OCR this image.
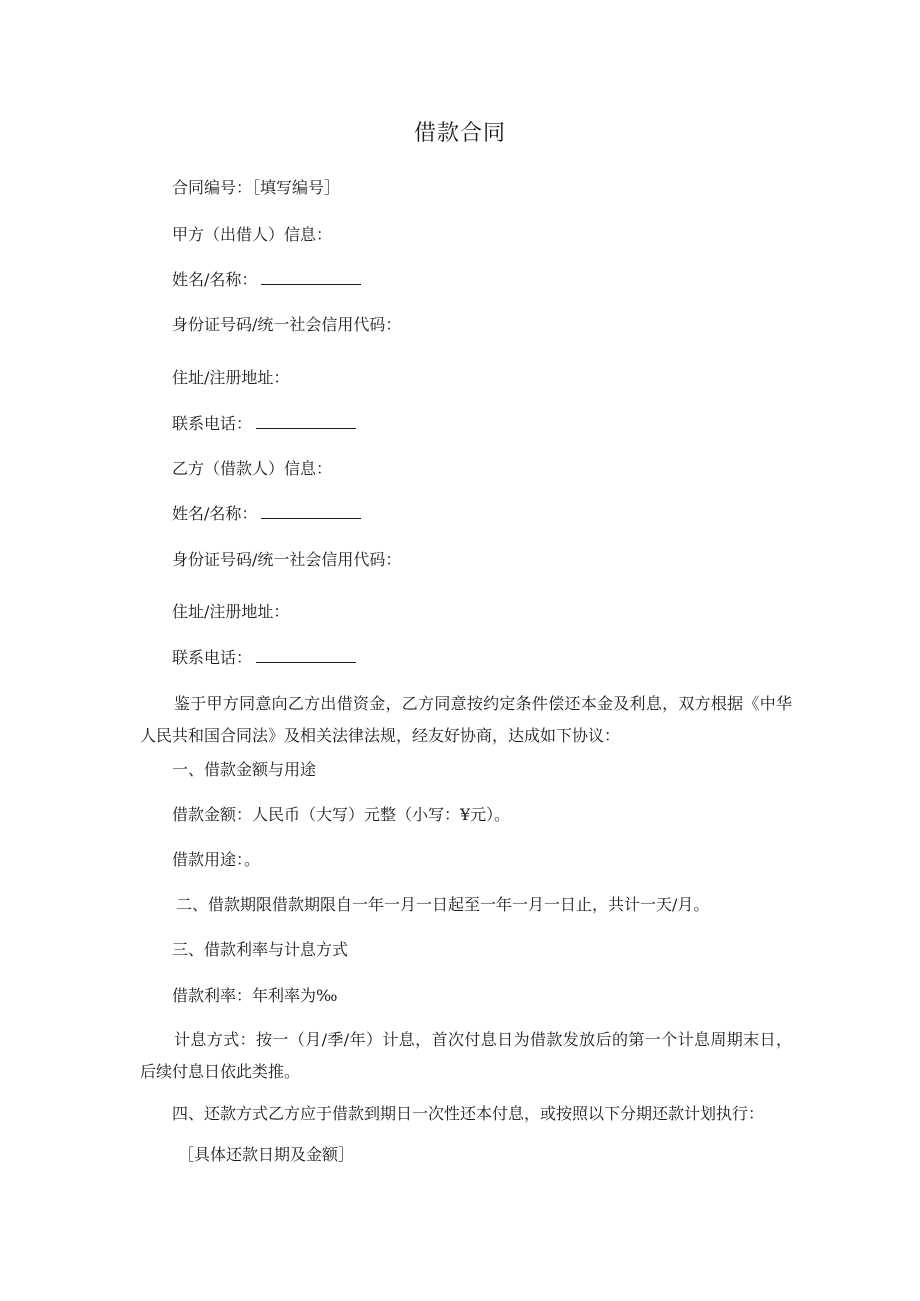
借款合同
合同编号：［填写编号］
甲方（出借人）信息：
姓名/名称：
身份证号码/统一社会信用代码：
住址/注册地址：
联系电话：
乙方（借款人）信息：
姓名/名称：
身份证号码/统一社会信用代码：
住址/注册地址：
联系电话：
鉴于甲方同意向乙方出借资金，乙方同意按约定条件偿还本金及利息，双方根据《中华人民共和国合同法》及相关法律法规，经友好协商，达成如下协议：
一、借款金额与用途
借款金额：人民币（大写）元整（小写：¥元）。
借款用途：。
二、借款期限借款期限自一年一月一日起至一年一月一日止，共计一天/月。
三、借款利率与计息方式
借款利率：年利率为‰
计息方式：按一（月/季/年）计息，首次付息日为借款发放后的第一个计息周期末日，后续付息日依此类推。
四、还款方式乙方应于借款到期日一次性还本付息，或按照以下分期还款计划执行：
［具体还款日期及金额］
